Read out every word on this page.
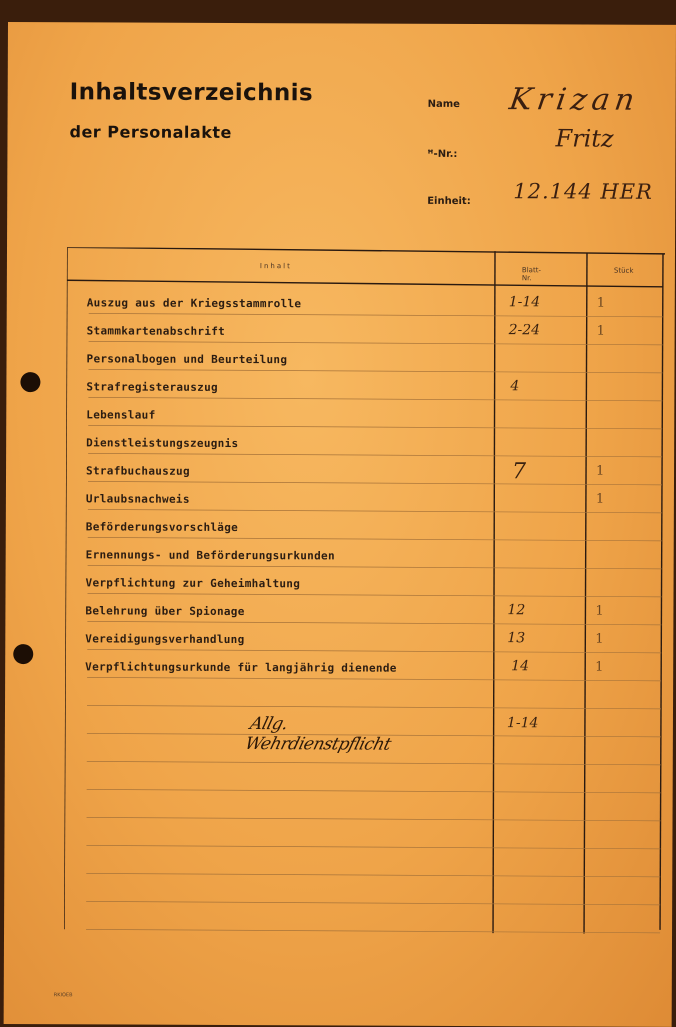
Inhaltsverzeichnis
der Personalakte
Name
ꟸ-Nr.:
Einheit:
Krizan
Fritz
12.144 HER
Inhalt
Blatt-Nr.
Stück
Auszug aus der Kriegsstammrolle
Stammkartenabschrift
Personalbogen und Beurteilung
Strafregisterauszug
Lebenslauf
Dienstleistungszeugnis
Strafbuchauszug
Urlaubsnachweis
Beförderungsvorschläge
Ernennungs- und Beförderungsurkunden
Verpflichtung zur Geheimhaltung
Belehrung über Spionage
Vereidigungsverhandlung
Verpflichtungsurkunde für langjährig dienende
1-14
2-24
4
7
12
13
14
1
1
1
1
1
1
1
Allg. Wehrdienstpflicht
1-14
RKIOEB
